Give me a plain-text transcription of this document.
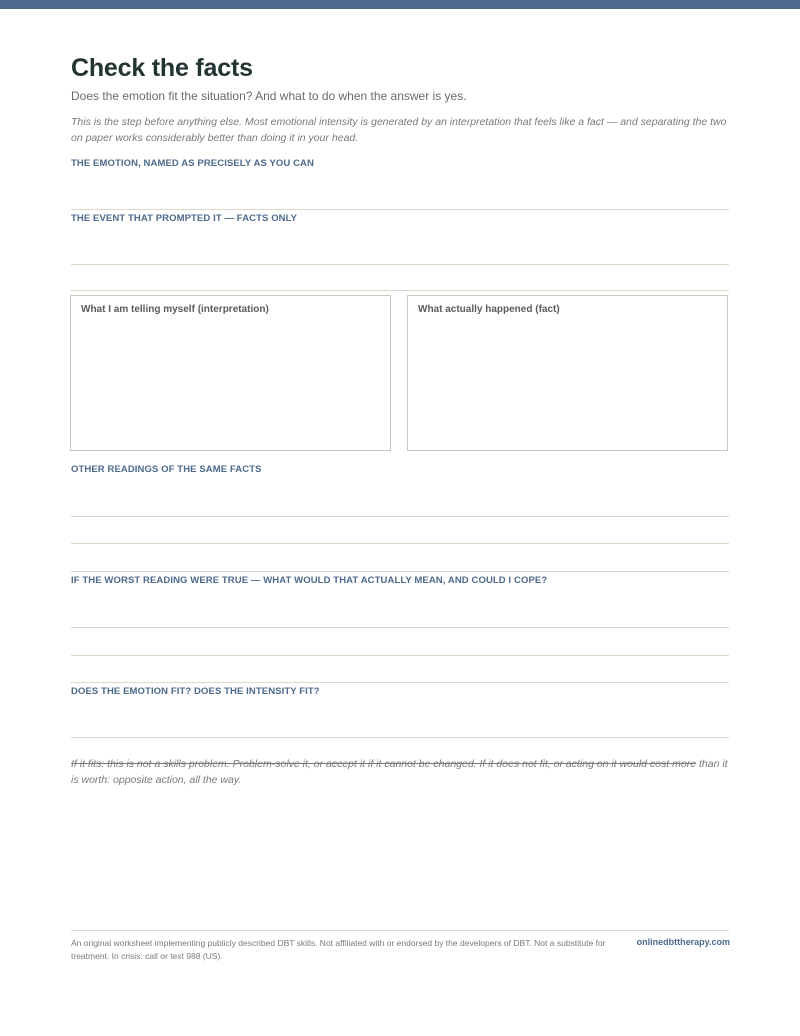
Check the facts
Does the emotion fit the situation? And what to do when the answer is yes.
This is the step before anything else. Most emotional intensity is generated by an interpretation that feels like a fact — and separating the two on paper works considerably better than doing it in your head.
THE EMOTION, NAMED AS PRECISELY AS YOU CAN
THE EVENT THAT PROMPTED IT — FACTS ONLY
What I am telling myself (interpretation)	What actually happened (fact)
OTHER READINGS OF THE SAME FACTS
IF THE WORST READING WERE TRUE — WHAT WOULD THAT ACTUALLY MEAN, AND COULD I COPE?
DOES THE EMOTION FIT? DOES THE INTENSITY FIT?
If it fits: this is not a skills problem. Problem-solve it, or accept it if it cannot be changed. If it does not fit, or acting on it would cost more than it is worth: opposite action, all the way.
An original worksheet implementing publicly described DBT skills. Not affiliated with or endorsed by the developers of DBT. Not a substitute for treatment. In crisis: call or text 988 (US).
onlinedbttherapy.com
